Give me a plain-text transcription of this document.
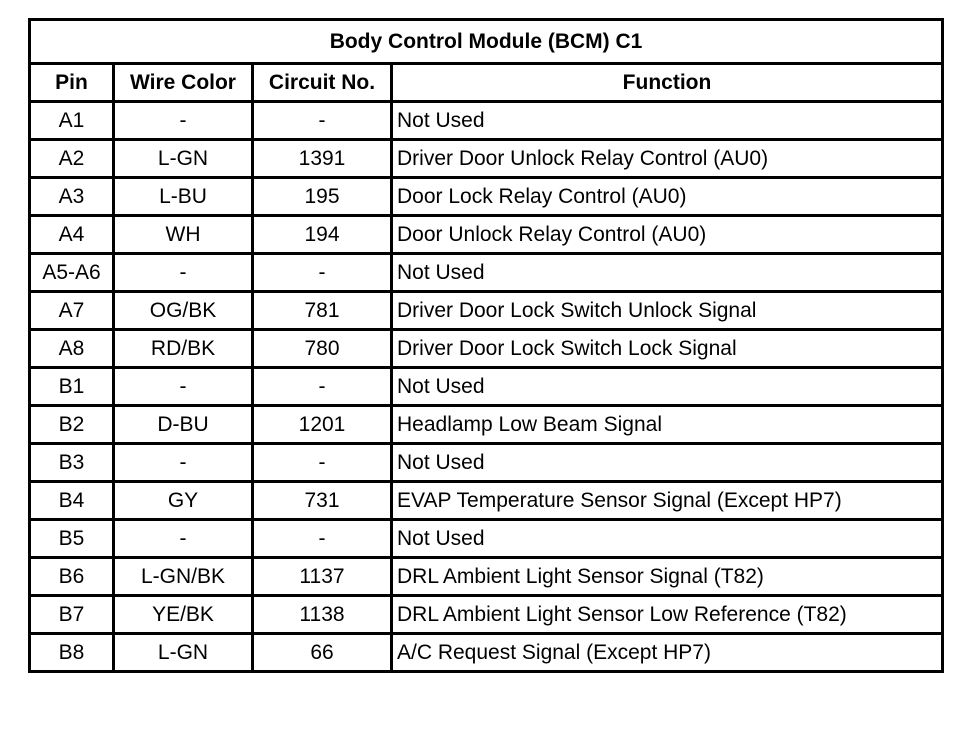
Body Control Module (BCM) C1			
Pin	Wire Color	Circuit No.	Function
A1	-	-	Not Used
A2	L-GN	1391	Driver Door Unlock Relay Control (AU0)
A3	L-BU	195	Door Lock Relay Control (AU0)
A4	WH	194	Door Unlock Relay Control (AU0)
A5-A6	-	-	Not Used
A7	OG/BK	781	Driver Door Lock Switch Unlock Signal
A8	RD/BK	780	Driver Door Lock Switch Lock Signal
B1	-	-	Not Used
B2	D-BU	1201	Headlamp Low Beam Signal
B3	-	-	Not Used
B4	GY	731	EVAP Temperature Sensor Signal (Except HP7)
B5	-	-	Not Used
B6	L-GN/BK	1137	DRL Ambient Light Sensor Signal (T82)
B7	YE/BK	1138	DRL Ambient Light Sensor Low Reference (T82)
B8	L-GN	66	A/C Request Signal (Except HP7)
